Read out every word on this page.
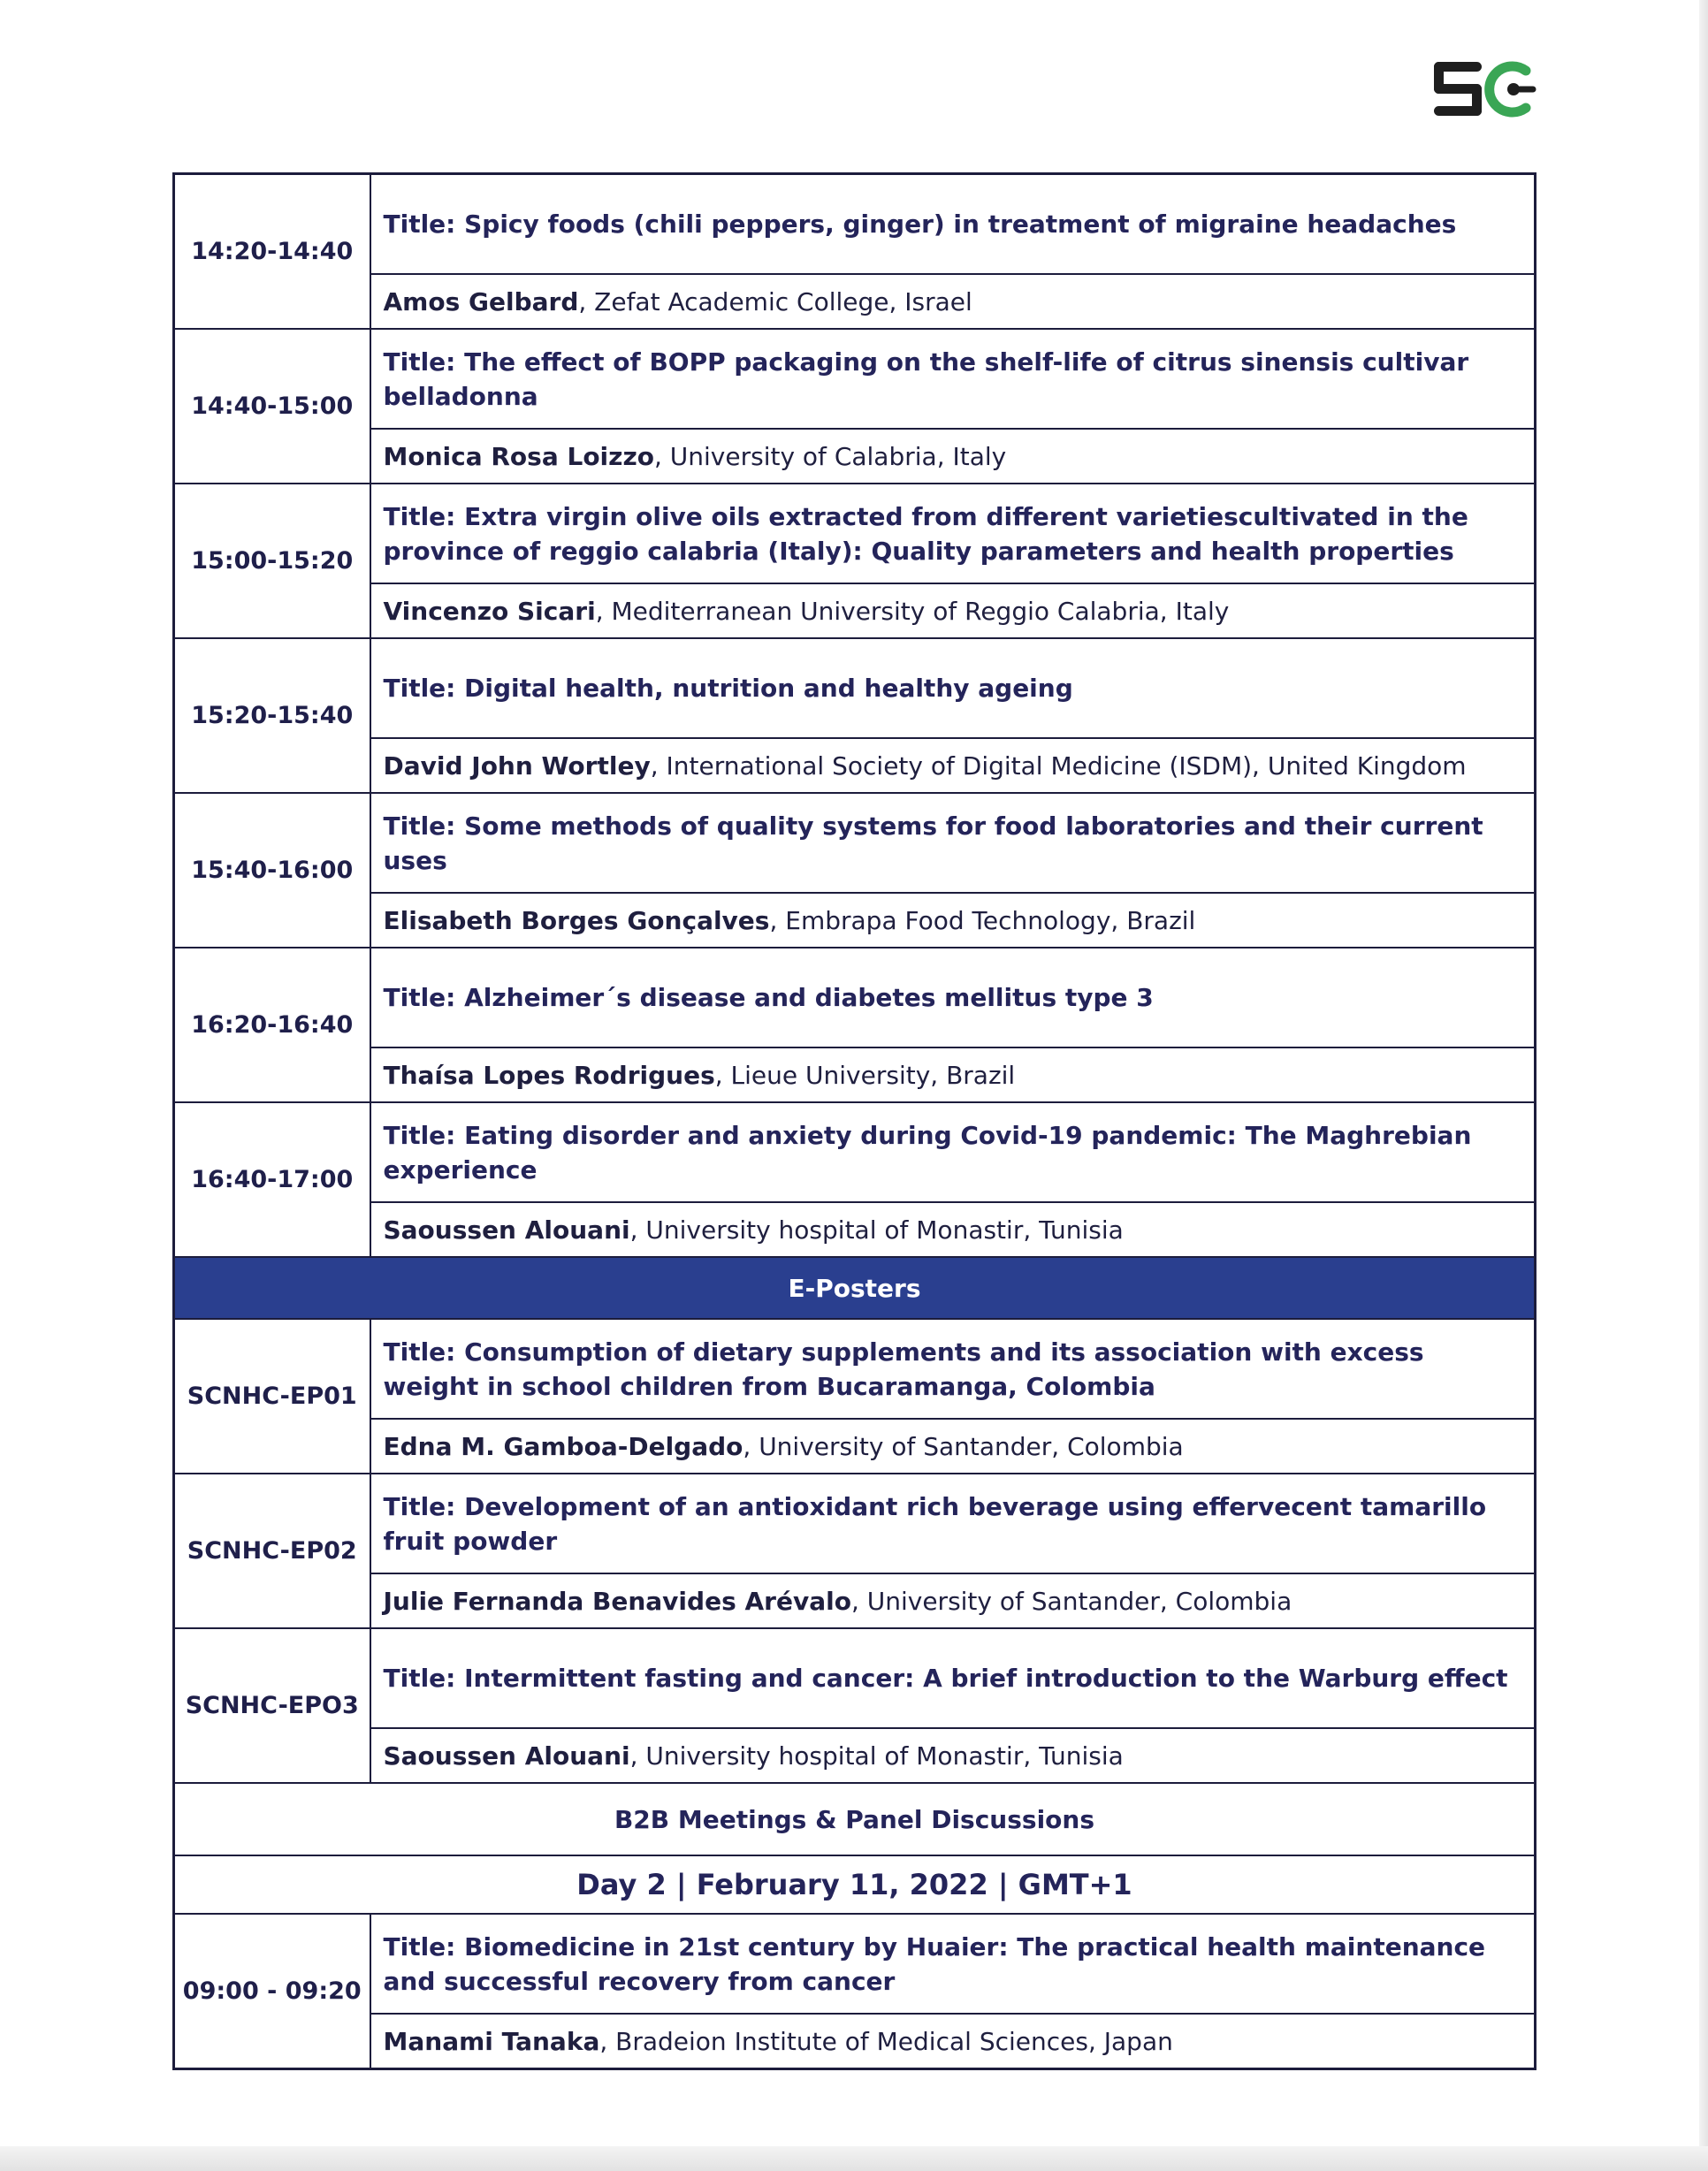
14:20-14:40	Title: Spicy foods (chili peppers, ginger) in treatment of migraine headaches
	Amos Gelbard, Zefat Academic College, Israel
14:40-15:00	Title: The effect of BOPP packaging on the shelf-life of citrus sinensis cultivar belladonna
	Monica Rosa Loizzo, University of Calabria, Italy
15:00-15:20	Title: Extra virgin olive oils extracted from different varietiescultivated in the province of reggio calabria (Italy): Quality parameters and health properties
	Vincenzo Sicari, Mediterranean University of Reggio Calabria, Italy
15:20-15:40	Title: Digital health, nutrition and healthy ageing
	David John Wortley, International Society of Digital Medicine (ISDM), United Kingdom
15:40-16:00	Title: Some methods of quality systems for food laboratories and their current uses
	Elisabeth Borges Gonçalves, Embrapa Food Technology, Brazil
16:20-16:40	Title: Alzheimer´s disease and diabetes mellitus type 3
	Thaísa Lopes Rodrigues, Lieue University, Brazil
16:40-17:00	Title: Eating disorder and anxiety during Covid-19 pandemic: The Maghrebian experience
	Saoussen Alouani, University hospital of Monastir, Tunisia
E-Posters	
SCNHC-EP01	Title: Consumption of dietary supplements and its association with excess weight in school children from Bucaramanga, Colombia
	Edna M. Gamboa-Delgado, University of Santander, Colombia
SCNHC-EP02	Title: Development of an antioxidant rich beverage using effervecent tamarillo fruit powder
	Julie Fernanda Benavides Arévalo, University of Santander, Colombia
SCNHC-EPO3	Title: Intermittent fasting and cancer: A brief introduction to the Warburg effect
	Saoussen Alouani, University hospital of Monastir, Tunisia
B2B Meetings & Panel Discussions	
Day 2 | February 11, 2022 | GMT+1	
09:00 - 09:20	Title: Biomedicine in 21st century by Huaier: The practical health maintenance and successful recovery from cancer
	Manami Tanaka, Bradeion Institute of Medical Sciences, Japan
